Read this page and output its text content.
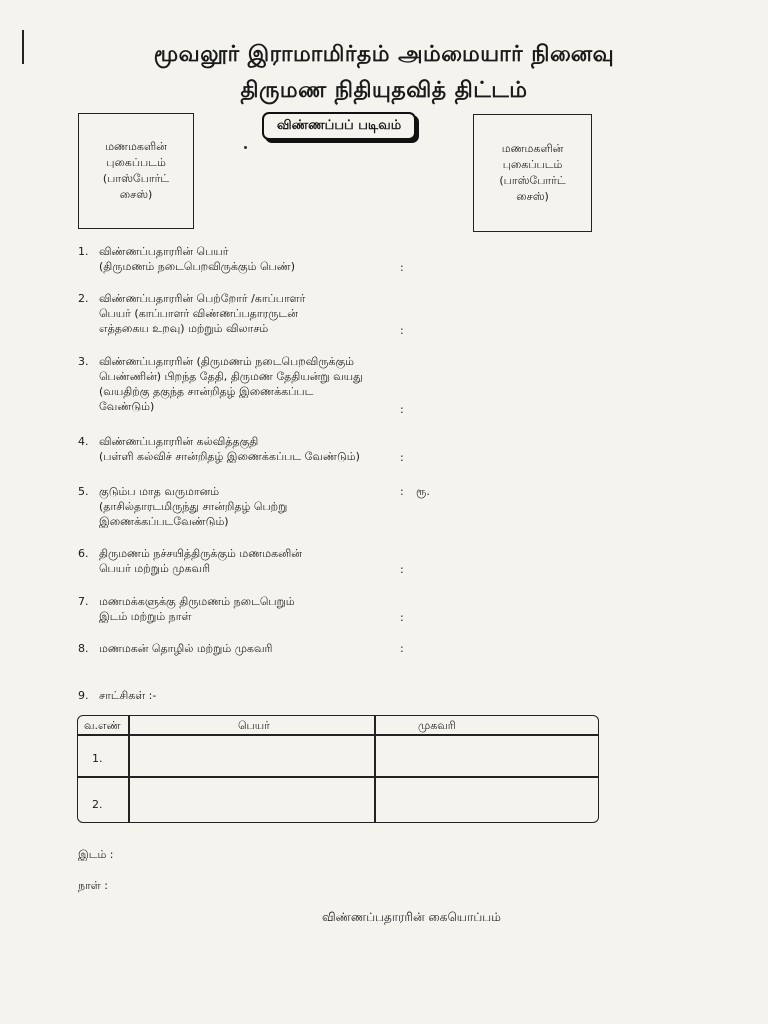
மூவலூர் இராமாமிர்தம் அம்மையார் நினைவு
திருமண நிதியுதவித் திட்டம்
விண்ணப்பப் படிவம்
மணமகளின்
புகைப்படம்
(பாஸ்போர்ட்
சைஸ்)
மணமகளின்
புகைப்படம்
(பாஸ்போர்ட்
சைஸ்)
1. விண்ணப்பதாரரின் பெயர்
(திருமணம் நடைபெறவிருக்கும் பெண்)	:
2. விண்ணப்பதாரரின் பெற்றோர் /காப்பாளர்
பெயர் (காப்பாளர் விண்ணப்பதாரருடன்
எத்தகைய உறவு) மற்றும் விலாசம்	:
3. விண்ணப்பதாரரின் (திருமணம் நடைபெறவிருக்கும்
பெண்ணின்) பிறந்த தேதி, திருமண தேதியன்று வயது
(வயதிற்கு தகுந்த சான்றிதழ் இணைக்கப்பட
வேண்டும்)	:
4. விண்ணப்பதாரரின் கல்வித்தகுதி
(பள்ளி கல்விச் சான்றிதழ் இணைக்கப்பட வேண்டும்)	:
5. குடும்ப மாத வருமானம்
(தாசில்தாரடமிருந்து சான்றிதழ் பெற்று
இணைக்கப்படவேண்டும்)
: ரூ.
6. திருமணம் நச்சயித்திருக்கும் மணமகனின்
பெயர் மற்றும் முகவரி	:
7. மணமக்களுக்கு திருமணம் நடைபெறும்
இடம் மற்றும் நாள்	:
8. மணமகன் தொழில் மற்றும் முகவரி	:
9. சாட்சிகள் :-
வ.எண்	பெயர்	முகவரி
1.
2.
இடம் :
நாள் :
விண்ணப்பதாரரின் கையொப்பம்
